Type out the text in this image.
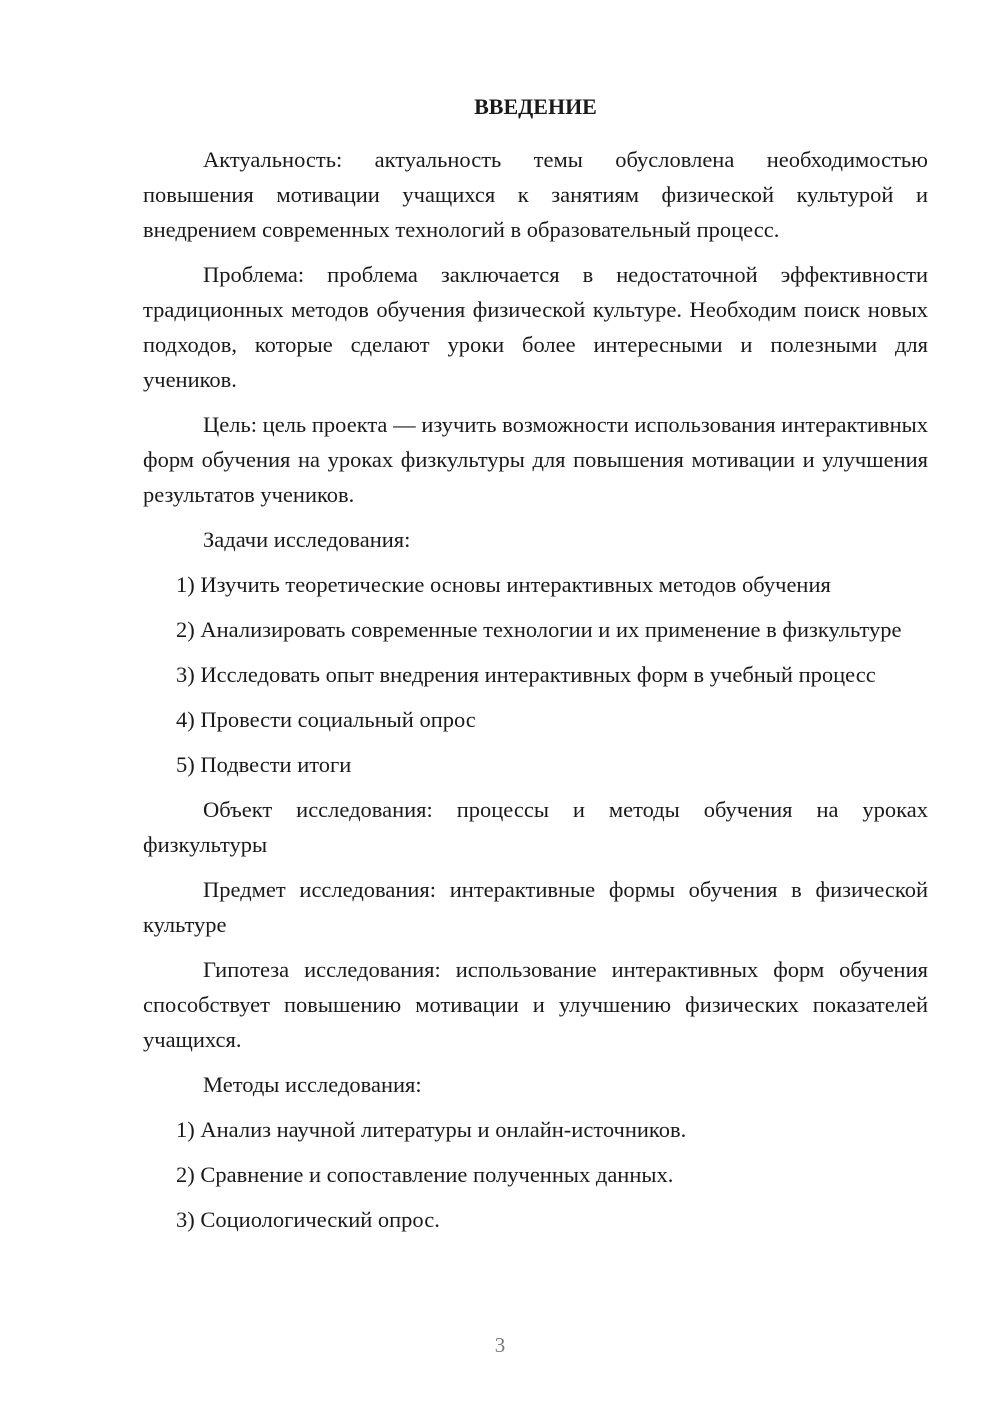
ВВЕДЕНИЕ

Актуальность: актуальность темы обусловлена необходимостью повышения мотивации учащихся к занятиям физической культурой и внедрением современных технологий в образовательный процесс.

Проблема: проблема заключается в недостаточной эффективности традиционных методов обучения физической культуре. Необходим поиск новых подходов, которые сделают уроки более интересными и полезными для учеников.

Цель: цель проекта — изучить возможности использования интерактивных форм обучения на уроках физкультуры для повышения мотивации и улучшения результатов учеников.

Задачи исследования:

1) Изучить теоретические основы интерактивных методов обучения

2) Анализировать современные технологии и их применение в физкультуре

3) Исследовать опыт внедрения интерактивных форм в учебный процесс

4) Провести социальный опрос

5) Подвести итоги

Объект исследования: процессы и методы обучения на уроках физкультуры

Предмет исследования: интерактивные формы обучения в физической культуре

Гипотеза исследования: использование интерактивных форм обучения способствует повышению мотивации и улучшению физических показателей учащихся.

Методы исследования:

1) Анализ научной литературы и онлайн-источников.

2) Сравнение и сопоставление полученных данных.

3) Социологический опрос.

3
